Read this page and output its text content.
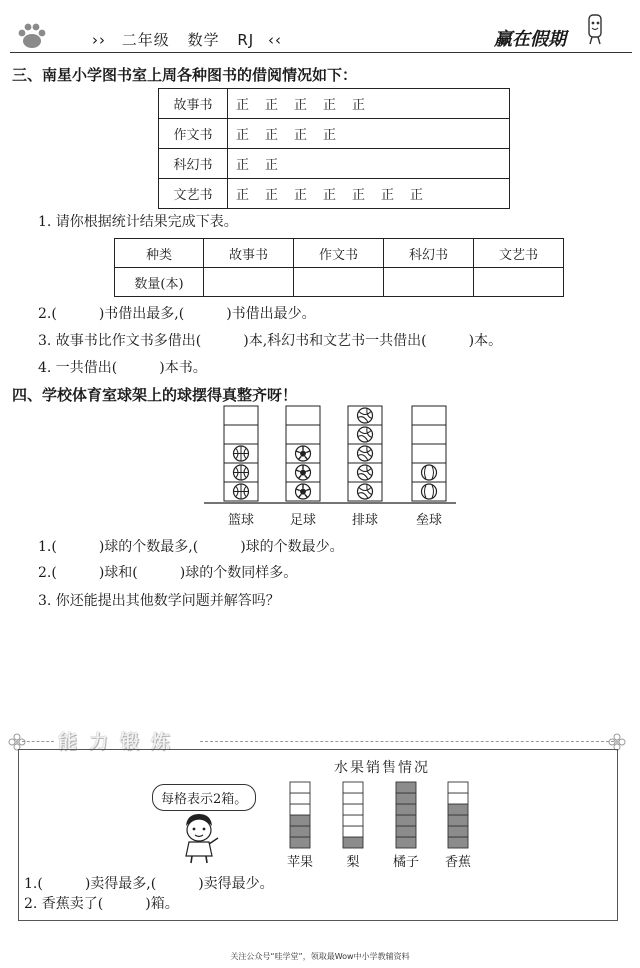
›› 二年级 数学 RJ ‹‹	赢在假期
三、南星小学图书室上周各种图书的借阅情况如下：
故事书	正正正正正
作文书	正正正正
科幻书	正正
文艺书	正正正正正正正
1. 请你根据统计结果完成下表。
种类	故事书	作文书	科幻书	文艺书
数量(本)				
2.(　　　)书借出最多,(　　　)书借出最少。
3. 故事书比作文书多借出(　　　)本,科幻书和文艺书一共借出(　　　)本。
4. 一共借出(　　　)本书。
四、学校体育室球架上的球摆得真整齐呀！
篮球	足球	排球	垒球
1.(　　　)球的个数最多,(　　　)球的个数最少。
2.(　　　)球和(　　　)球的个数同样多。
3. 你还能提出其他数学问题并解答吗？
能力锻炼
水果销售情况
每格表示2箱。
苹果	梨	橘子	香蕉
1.(　　　)卖得最多,(　　　)卖得最少。
2. 香蕉卖了(　　　)箱。
关注公众号“哇学堂”，领取最Wow中小学教辅资料
